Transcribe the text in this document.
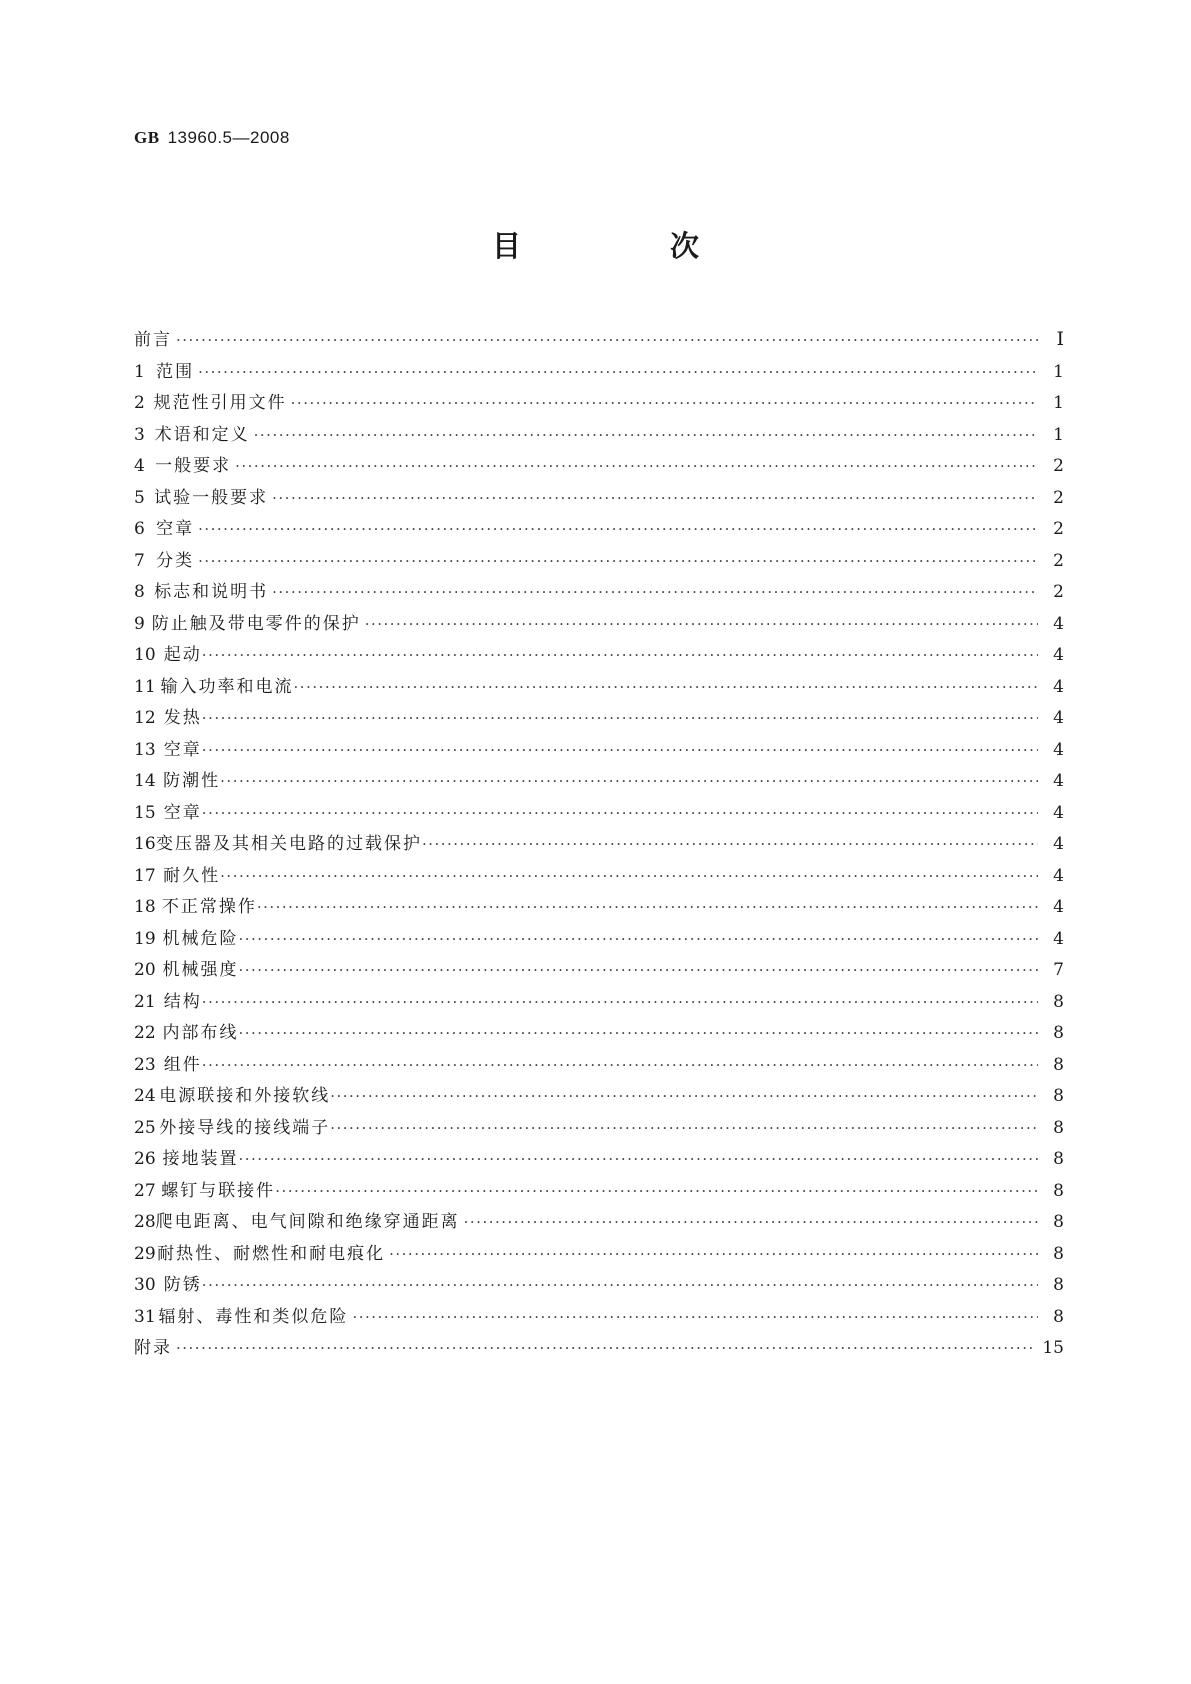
GB 13960.5—2008
目　次
前言 ·····	Ⅰ
1 范围 ·····	1
2 规范性引用文件 ·····	1
3 术语和定义 ·····	1
4 一般要求 ·····	2
5 试验一般要求 ·····	2
6 空章 ·····	2
7 分类 ·····	2
8 标志和说明书 ·····	2
9 防止触及带电零件的保护 ·····	4
10 起动 ·····	4
11 输入功率和电流 ·····	4
12 发热 ·····	4
13 空章 ·····	4
14 防潮性 ·····	4
15 空章 ·····	4
16 变压器及其相关电路的过载保护 ·····	4
17 耐久性 ·····	4
18 不正常操作 ·····	4
19 机械危险 ·····	4
20 机械强度 ·····	7
21 结构 ·····	8
22 内部布线 ·····	8
23 组件 ·····	8
24 电源联接和外接软线 ·····	8
25 外接导线的接线端子 ·····	8
26 接地装置 ·····	8
27 螺钉与联接件 ·····	8
28 爬电距离、电气间隙和绝缘穿通距离 ·····	8
29 耐热性、耐燃性和耐电痕化 ·····	8
30 防锈 ·····	8
31 辐射、毒性和类似危险 ·····	8
附录 ·····	15
